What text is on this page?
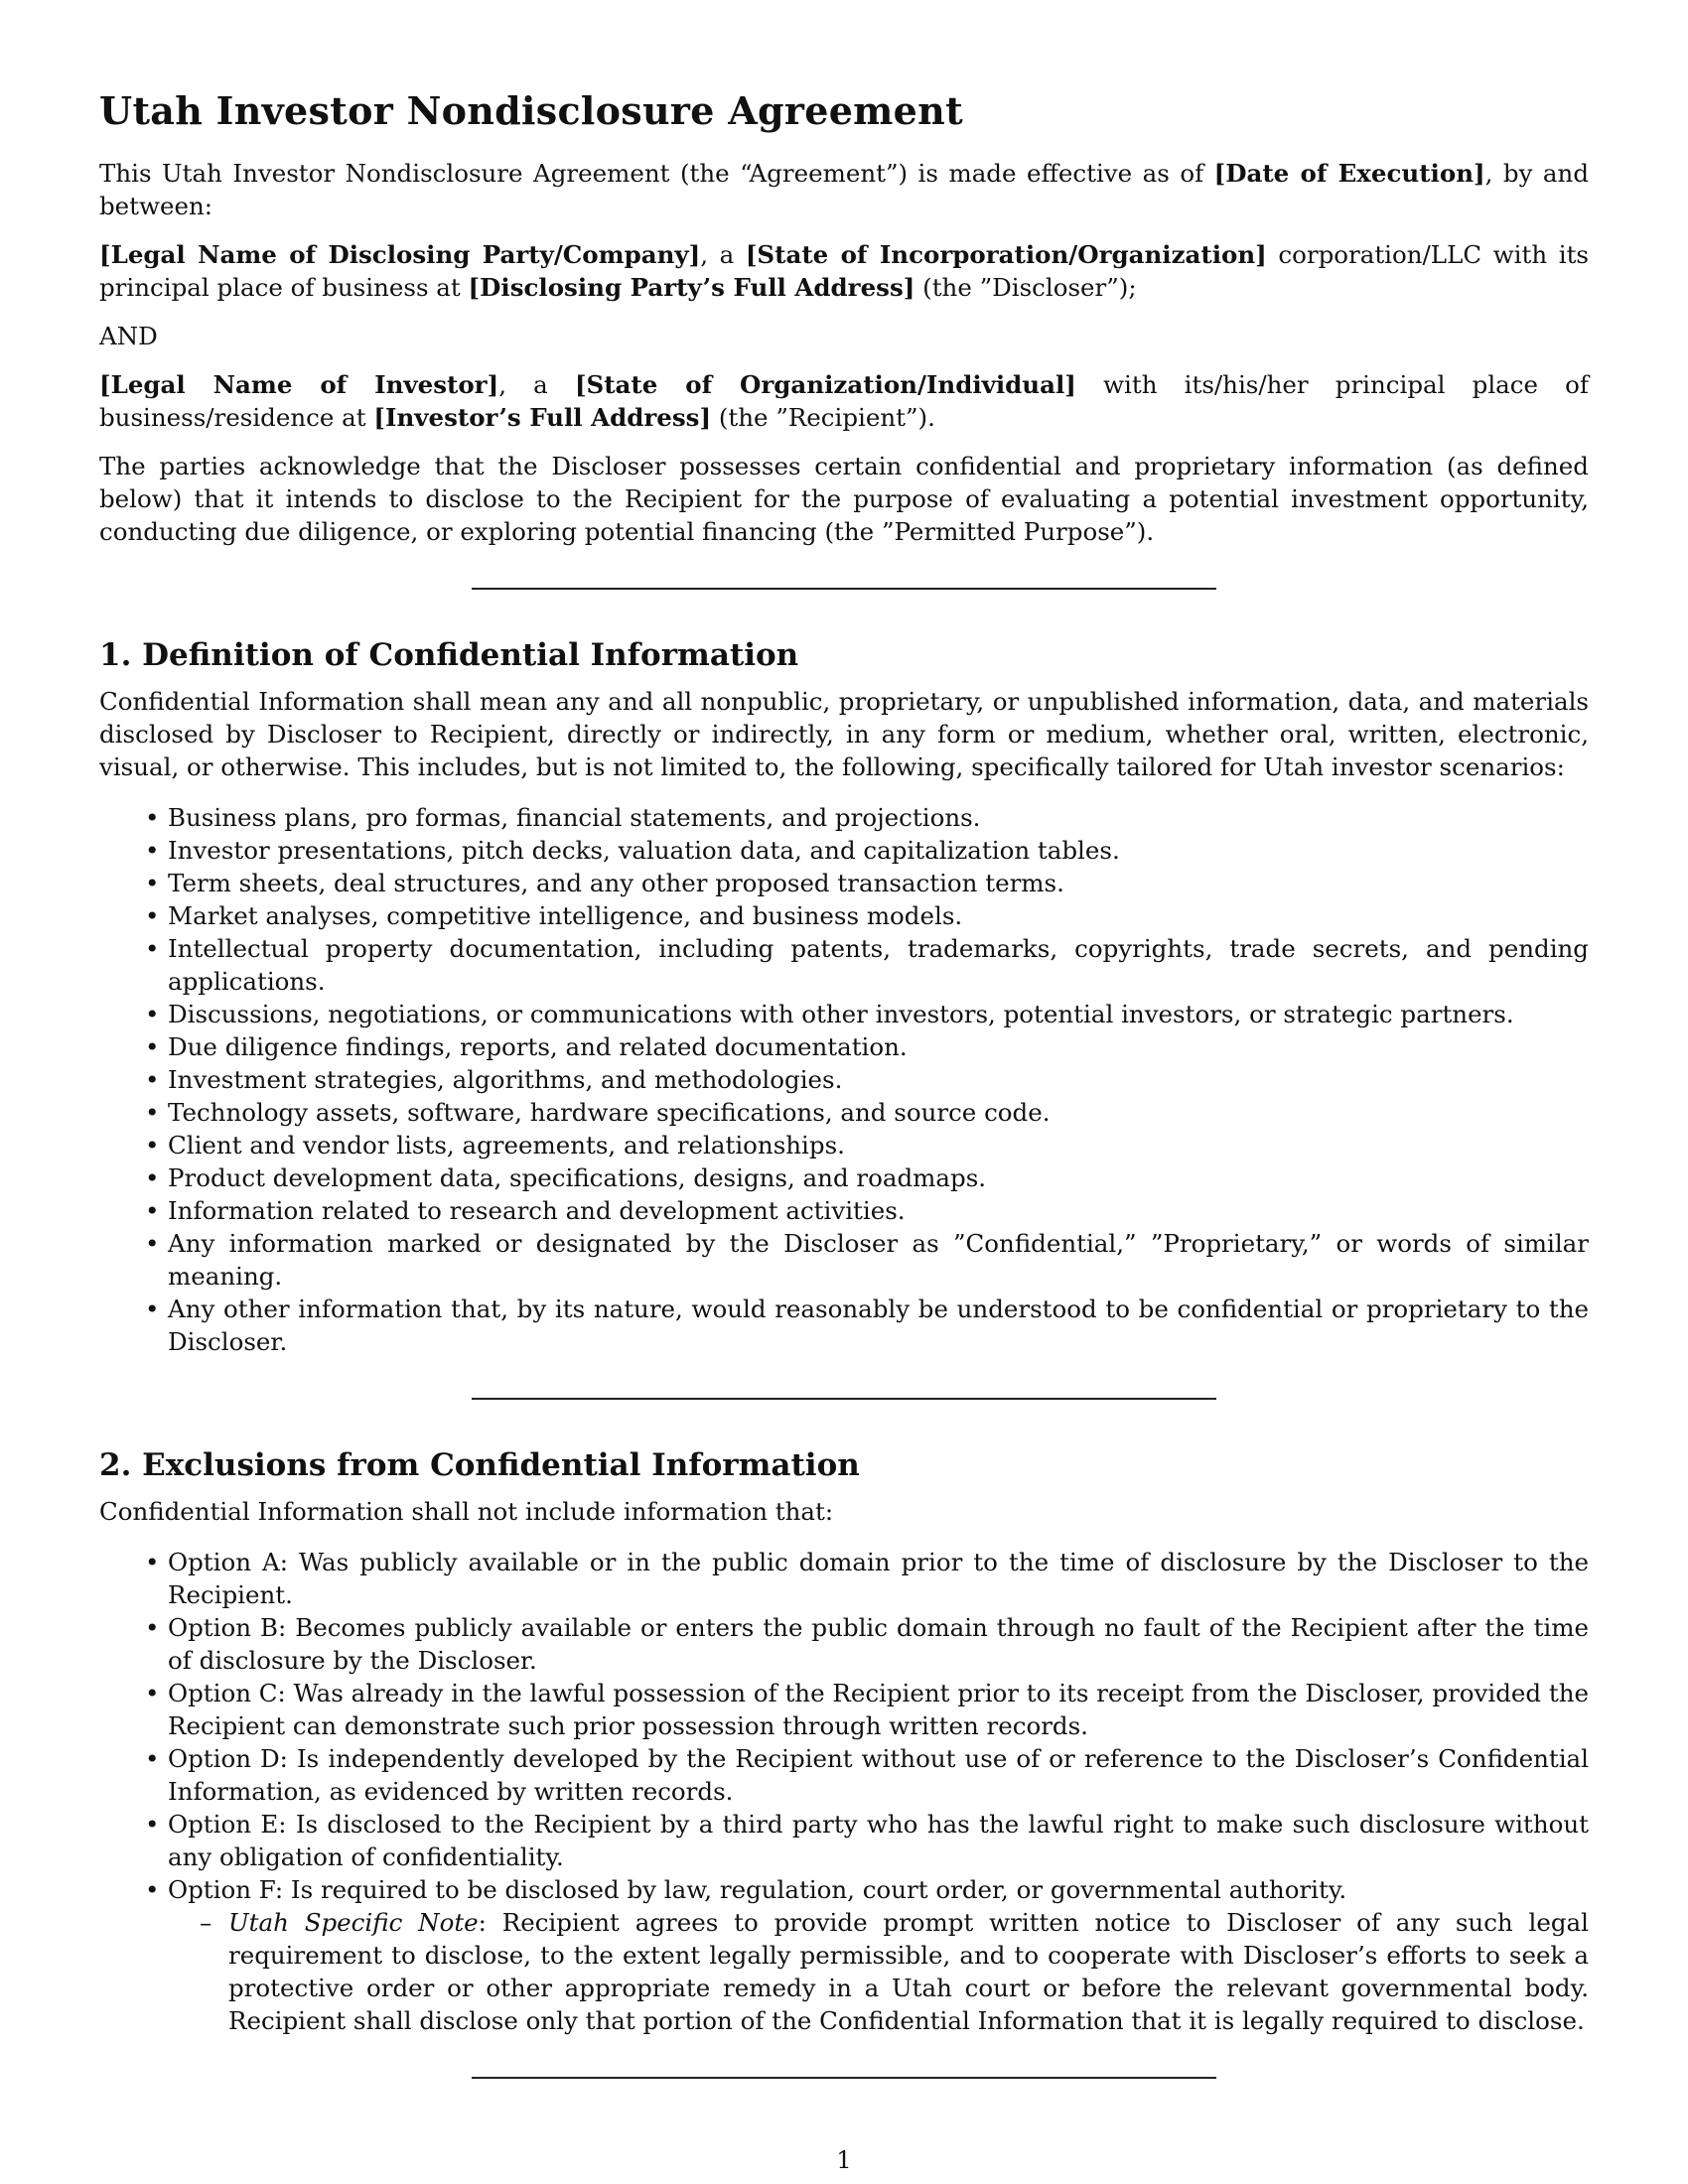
Utah Investor Nondisclosure Agreement

This Utah Investor Nondisclosure Agreement (the “Agreement”) is made effective as of [Date of Execution], by and between:

[Legal Name of Disclosing Party/Company], a [State of Incorporation/Organization] corporation/LLC with its principal place of business at [Disclosing Party’s Full Address] (the ”Discloser”);

AND

[Legal Name of Investor], a [State of Organization/Individual] with its/his/her principal place of business/residence at [Investor’s Full Address] (the ”Recipient”).

The parties acknowledge that the Discloser possesses certain confidential and proprietary information (as defined below) that it intends to disclose to the Recipient for the purpose of evaluating a potential investment opportunity, conducting due diligence, or exploring potential financing (the ”Permitted Purpose”).

1. Definition of Confidential Information

Confidential Information shall mean any and all nonpublic, proprietary, or unpublished information, data, and materials disclosed by Discloser to Recipient, directly or indirectly, in any form or medium, whether oral, written, electronic, visual, or otherwise. This includes, but is not limited to, the following, specifically tailored for Utah investor scenarios:

• Business plans, pro formas, financial statements, and projections.
• Investor presentations, pitch decks, valuation data, and capitalization tables.
• Term sheets, deal structures, and any other proposed transaction terms.
• Market analyses, competitive intelligence, and business models.
• Intellectual property documentation, including patents, trademarks, copyrights, trade secrets, and pending applications.
• Discussions, negotiations, or communications with other investors, potential investors, or strategic partners.
• Due diligence findings, reports, and related documentation.
• Investment strategies, algorithms, and methodologies.
• Technology assets, software, hardware specifications, and source code.
• Client and vendor lists, agreements, and relationships.
• Product development data, specifications, designs, and roadmaps.
• Information related to research and development activities.
• Any information marked or designated by the Discloser as ”Confidential,” ”Proprietary,” or words of similar meaning.
• Any other information that, by its nature, would reasonably be understood to be confidential or proprietary to the Discloser.
2. Exclusions from Confidential Information

Confidential Information shall not include information that:

• Option A: Was publicly available or in the public domain prior to the time of disclosure by the Discloser to the Recipient.
• Option B: Becomes publicly available or enters the public domain through no fault of the Recipient after the time of disclosure by the Discloser.
• Option C: Was already in the lawful possession of the Recipient prior to its receipt from the Discloser, provided the Recipient can demonstrate such prior possession through written records.
• Option D: Is independently developed by the Recipient without use of or reference to the Discloser’s Confidential Information, as evidenced by written records.
• Option E: Is disclosed to the Recipient by a third party who has the lawful right to make such disclosure without any obligation of confidentiality.
• Option F: Is required to be disclosed by law, regulation, court order, or governmental authority.
– Utah Specific Note: Recipient agrees to provide prompt written notice to Discloser of any such legal requirement to disclose, to the extent legally permissible, and to cooperate with Discloser’s efforts to seek a protective order or other appropriate remedy in a Utah court or before the relevant governmental body. Recipient shall disclose only that portion of the Confidential Information that it is legally required to disclose.
1
